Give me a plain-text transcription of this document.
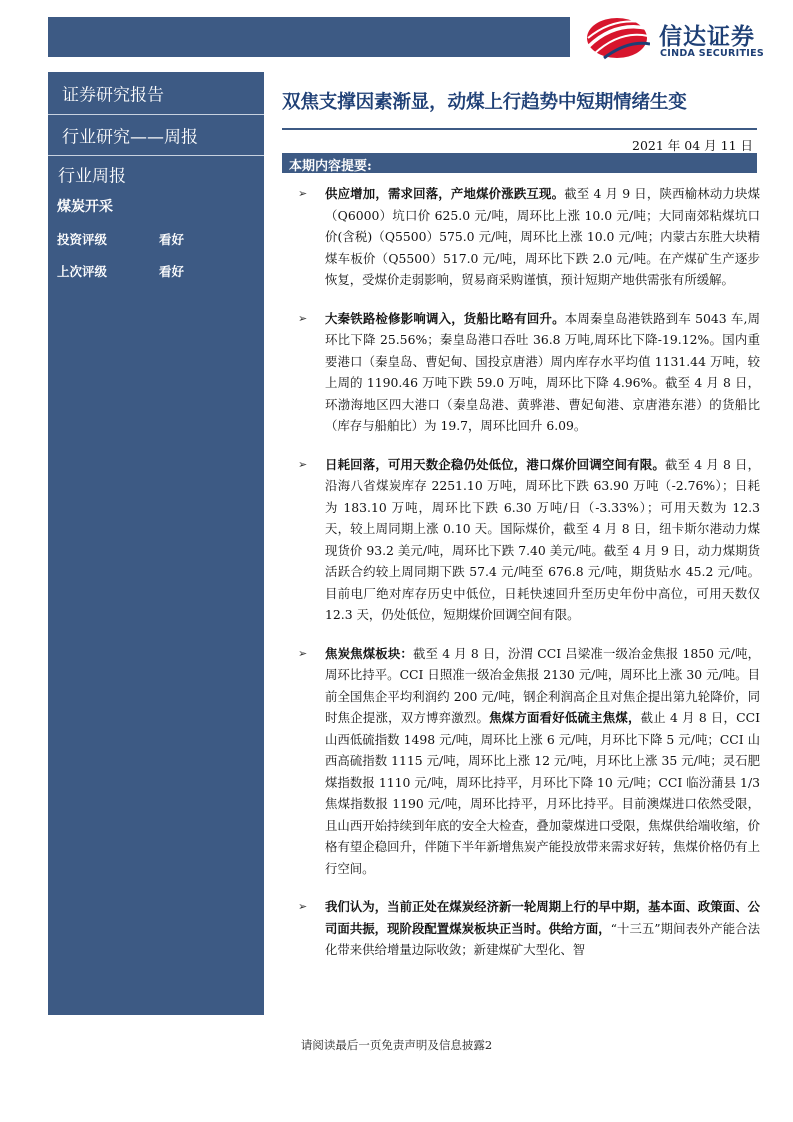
信达证券
CINDA SECURITIES
证券研究报告
行业研究——周报
行业周报
煤炭开采
投资评级	看好
上次评级	看好
双焦支撑因素渐显，动煤上行趋势中短期情绪生变
2021 年 04 月 11 日
本期内容提要:
➢ 供应增加，需求回落，产地煤价涨跌互现。截至 4 月 9 日，陕西榆林动力块煤（Q6000）坑口价 625.0 元/吨，周环比上涨 10.0 元/吨；大同南郊粘煤坑口价(含税)（Q5500）575.0 元/吨，周环比上涨 10.0 元/吨；内蒙古东胜大块精煤车板价（Q5500）517.0 元/吨，周环比下跌 2.0 元/吨。在产煤矿生产逐步恢复，受煤价走弱影响，贸易商采购谨慎，预计短期产地供需张有所缓解。
➢ 大秦铁路检修影响调入，货船比略有回升。本周秦皇岛港铁路到车 5043 车,周环比下降 25.56%；秦皇岛港口吞吐 36.8 万吨,周环比下降-19.12%。国内重要港口（秦皇岛、曹妃甸、国投京唐港）周内库存水平均值 1131.44 万吨，较上周的 1190.46 万吨下跌 59.0 万吨，周环比下降 4.96%。截至 4 月 8 日，环渤海地区四大港口（秦皇岛港、黄骅港、曹妃甸港、京唐港东港）的货船比（库存与船舶比）为 19.7，周环比回升 6.09。
➢ 日耗回落，可用天数企稳仍处低位，港口煤价回调空间有限。截至 4 月 8 日，沿海八省煤炭库存 2251.10 万吨，周环比下跌 63.90 万吨（-2.76%）；日耗为 183.10 万吨，周环比下跌 6.30 万吨/日（-3.33%）；可用天数为 12.3 天，较上周同期上涨 0.10 天。国际煤价，截至 4 月 8 日，纽卡斯尔港动力煤现货价 93.2 美元/吨，周环比下跌 7.40 美元/吨。截至 4 月 9 日，动力煤期货活跃合约较上周同期下跌 57.4 元/吨至 676.8 元/吨，期货贴水 45.2 元/吨。目前电厂绝对库存历史中低位，日耗快速回升至历史年份中高位，可用天数仅 12.3 天，仍处低位，短期煤价回调空间有限。
➢ 焦炭焦煤板块：截至 4 月 8 日，汾渭 CCI 吕梁准一级冶金焦报 1850 元/吨，周环比持平。CCI 日照准一级冶金焦报 2130 元/吨，周环比上涨 30 元/吨。目前全国焦企平均利润约 200 元/吨，钢企利润高企且对焦企提出第九轮降价，同时焦企提涨，双方博弈激烈。焦煤方面看好低硫主焦煤，截止 4 月 8 日，CCI 山西低硫指数 1498 元/吨，周环比上涨 6 元/吨，月环比下降 5 元/吨；CCI 山西高硫指数 1115 元/吨，周环比上涨 12 元/吨，月环比上涨 35 元/吨；灵石肥煤指数报 1110 元/吨，周环比持平，月环比下降 10 元/吨；CCI 临汾蒲县 1/3 焦煤指数报 1190 元/吨，周环比持平，月环比持平。目前澳煤进口依然受限，且山西开始持续到年底的安全大检查，叠加蒙煤进口受限，焦煤供给端收缩，价格有望企稳回升，伴随下半年新增焦炭产能投放带来需求好转，焦煤价格仍有上行空间。
➢ 我们认为，当前正处在煤炭经济新一轮周期上行的早中期，基本面、政策面、公司面共振，现阶段配置煤炭板块正当时。供给方面，“十三五”期间表外产能合法化带来供给增量边际收敛；新建煤矿大型化、智
请阅读最后一页免责声明及信息披露2
